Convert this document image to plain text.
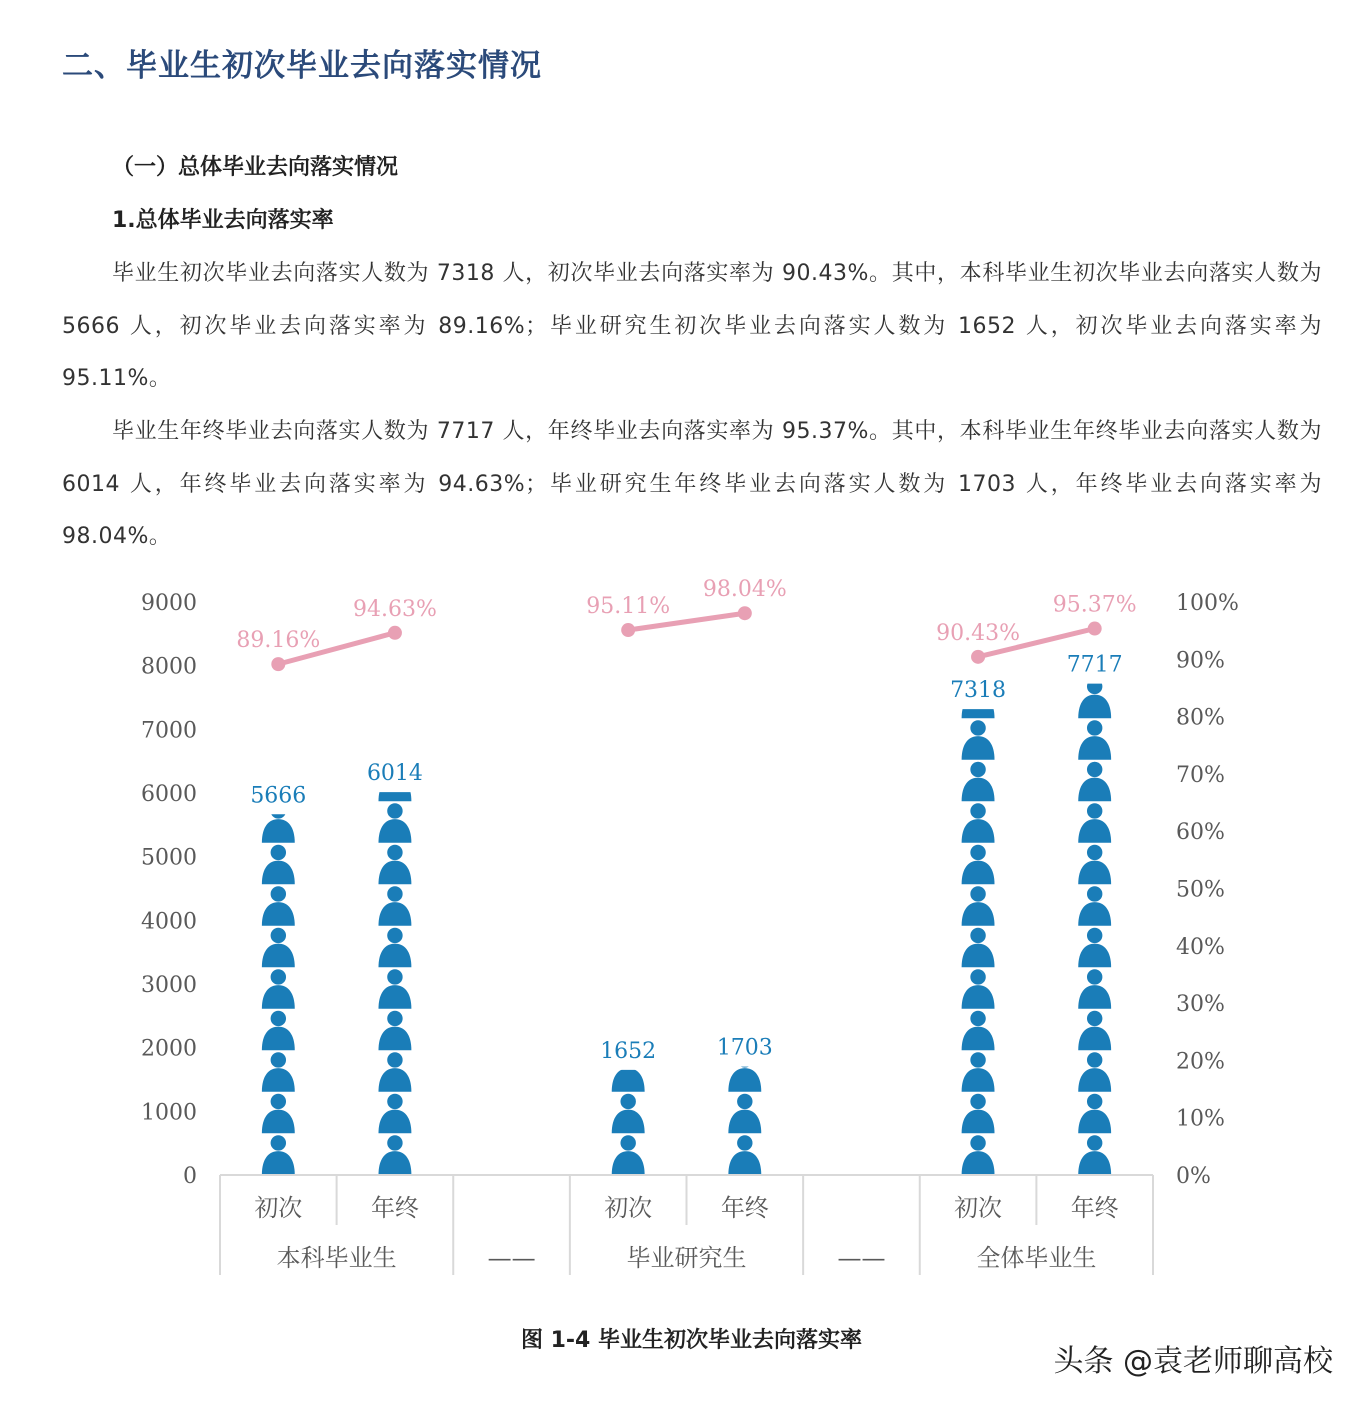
二、毕业生初次毕业去向落实情况
（一）总体毕业去向落实情况
1.总体毕业去向落实率
毕业生初次毕业去向落实人数为 7318 人，初次毕业去向落实率为 90.43%。其中，本科毕业生初次毕业去向落实人数为 5666 人，初次毕业去向落实率为 89.16%；毕业研究生初次毕业去向落实人数为 1652 人，初次毕业去向落实率为 95.11%。
毕业生年终毕业去向落实人数为 7717 人，年终毕业去向落实率为 95.37%。其中，本科毕业生年终毕业去向落实人数为 6014 人，年终毕业去向落实率为 94.63%；毕业研究生年终毕业去向落实人数为 1703 人，年终毕业去向落实率为 98.04%。
0
1000
2000
3000
4000
5000
6000
7000
8000
9000
0%
10%
20%
30%
40%
50%
60%
70%
80%
90%
100%
5666
6014
1652	1703
7318
7717
89.16%
94.63%	95.11%
98.04%
90.43%
95.37%
初次	年终
本科毕业生	——
初次	年终
毕业研究生	——
初次	年终
全体毕业生
图 1-4 毕业生初次毕业去向落实率
头条 @袁老师聊高校
